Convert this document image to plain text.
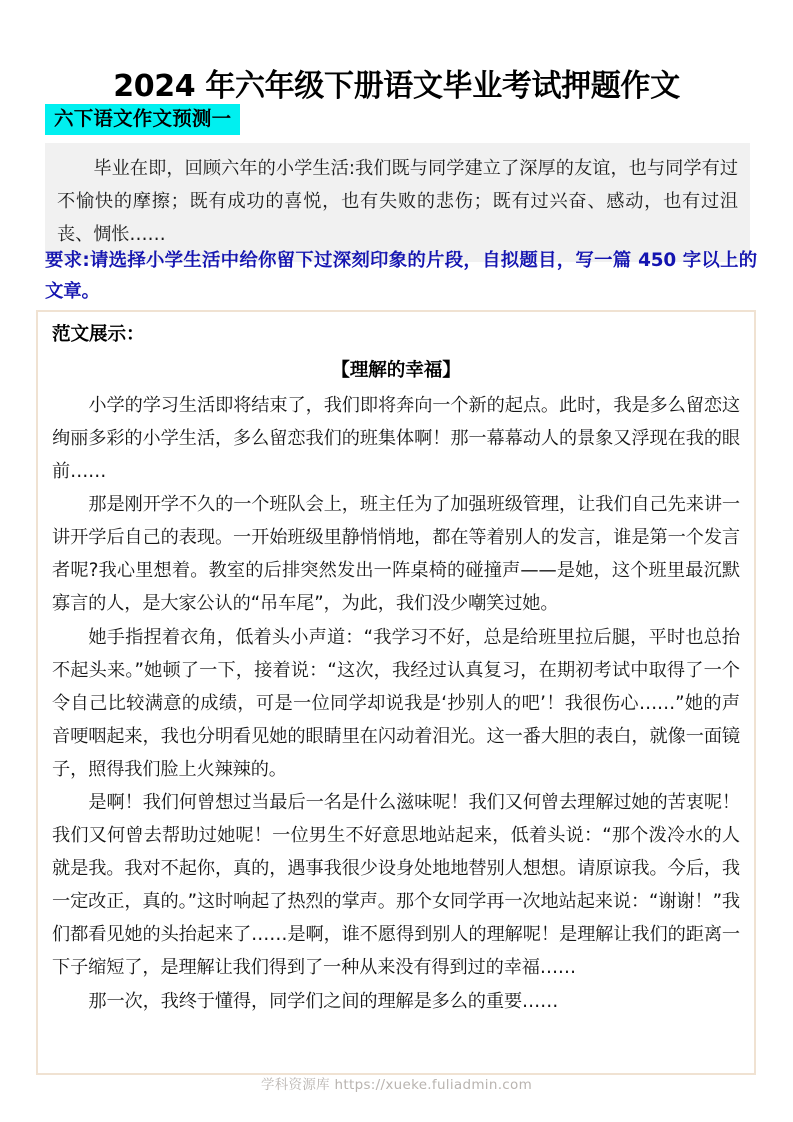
2024 年六年级下册语文毕业考试押题作文
六下语文作文预测一

毕业在即，回顾六年的小学生活:我们既与同学建立了深厚的友谊，也与同学有过不愉快的摩擦；既有成功的喜悦，也有失败的悲伤；既有过兴奋、感动，也有过沮丧、惆怅……

要求:请选择小学生活中给你留下过深刻印象的片段，自拟题目，写一篇 450 字以上的文章。

范文展示：
【理解的幸福】

小学的学习生活即将结束了，我们即将奔向一个新的起点。此时，我是多么留恋这绚丽多彩的小学生活，多么留恋我们的班集体啊！那一幕幕动人的景象又浮现在我的眼前……

那是刚开学不久的一个班队会上，班主任为了加强班级管理，让我们自己先来讲一讲开学后自己的表现。一开始班级里静悄悄地，都在等着别人的发言，谁是第一个发言者呢?我心里想着。教室的后排突然发出一阵桌椅的碰撞声——是她，这个班里最沉默寡言的人，是大家公认的“吊车尾”，为此，我们没少嘲笑过她。

她手指捏着衣角，低着头小声道：“我学习不好，总是给班里拉后腿，平时也总抬不起头来。”她顿了一下，接着说：“这次，我经过认真复习，在期初考试中取得了一个令自己比较满意的成绩，可是一位同学却说我是‘抄别人的吧’！我很伤心……”她的声音哽咽起来，我也分明看见她的眼睛里在闪动着泪光。这一番大胆的表白，就像一面镜子，照得我们脸上火辣辣的。

是啊！我们何曾想过当最后一名是什么滋味呢！我们又何曾去理解过她的苦衷呢！我们又何曾去帮助过她呢！一位男生不好意思地站起来，低着头说：“那个泼冷水的人就是我。我对不起你，真的，遇事我很少设身处地地替别人想想。请原谅我。今后，我一定改正，真的。”这时响起了热烈的掌声。那个女同学再一次地站起来说：“谢谢！”我们都看见她的头抬起来了……是啊，谁不愿得到别人的理解呢！是理解让我们的距离一下子缩短了，是理解让我们得到了一种从来没有得到过的幸福……

那一次，我终于懂得，同学们之间的理解是多么的重要……

学科资源库 https://xueke.fuliadmin.com
